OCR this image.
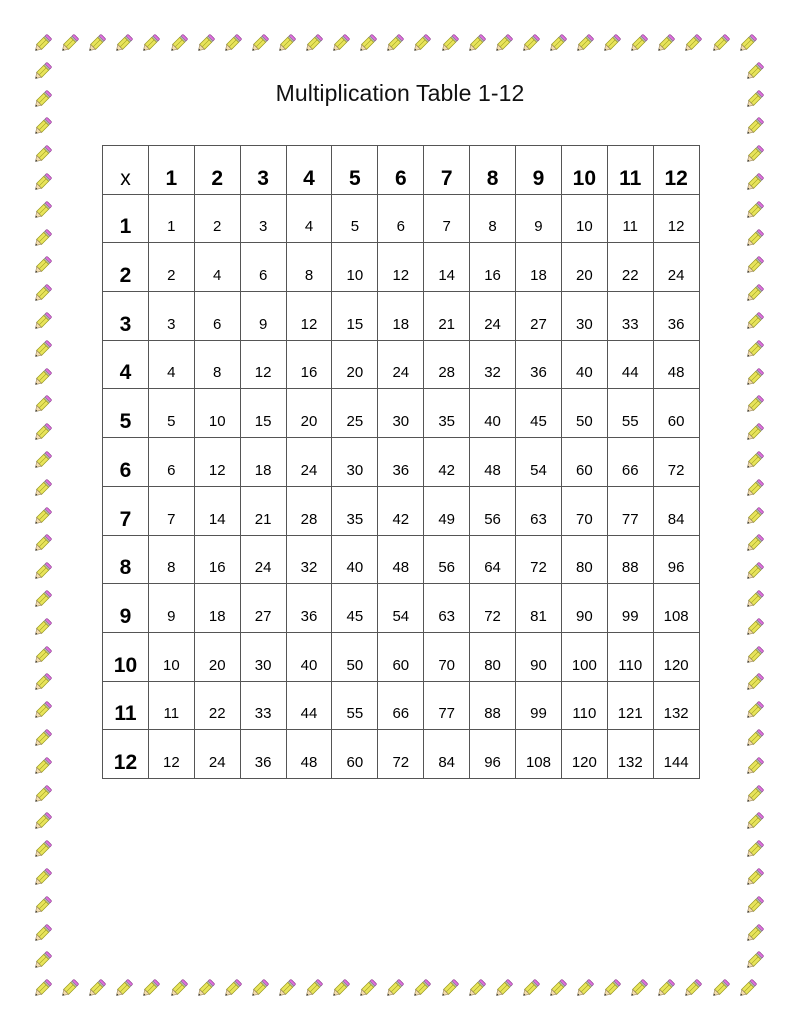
Multiplication Table 1-12
x	1	2	3	4	5	6	7	8	9	10	11	12
1	1	2	3	4	5	6	7	8	9	10	11	12
2	2	4	6	8	10	12	14	16	18	20	22	24
3	3	6	9	12	15	18	21	24	27	30	33	36
4	4	8	12	16	20	24	28	32	36	40	44	48
5	5	10	15	20	25	30	35	40	45	50	55	60
6	6	12	18	24	30	36	42	48	54	60	66	72
7	7	14	21	28	35	42	49	56	63	70	77	84
8	8	16	24	32	40	48	56	64	72	80	88	96
9	9	18	27	36	45	54	63	72	81	90	99	108
10	10	20	30	40	50	60	70	80	90	100	110	120
11	11	22	33	44	55	66	77	88	99	110	121	132
12	12	24	36	48	60	72	84	96	108	120	132	144
